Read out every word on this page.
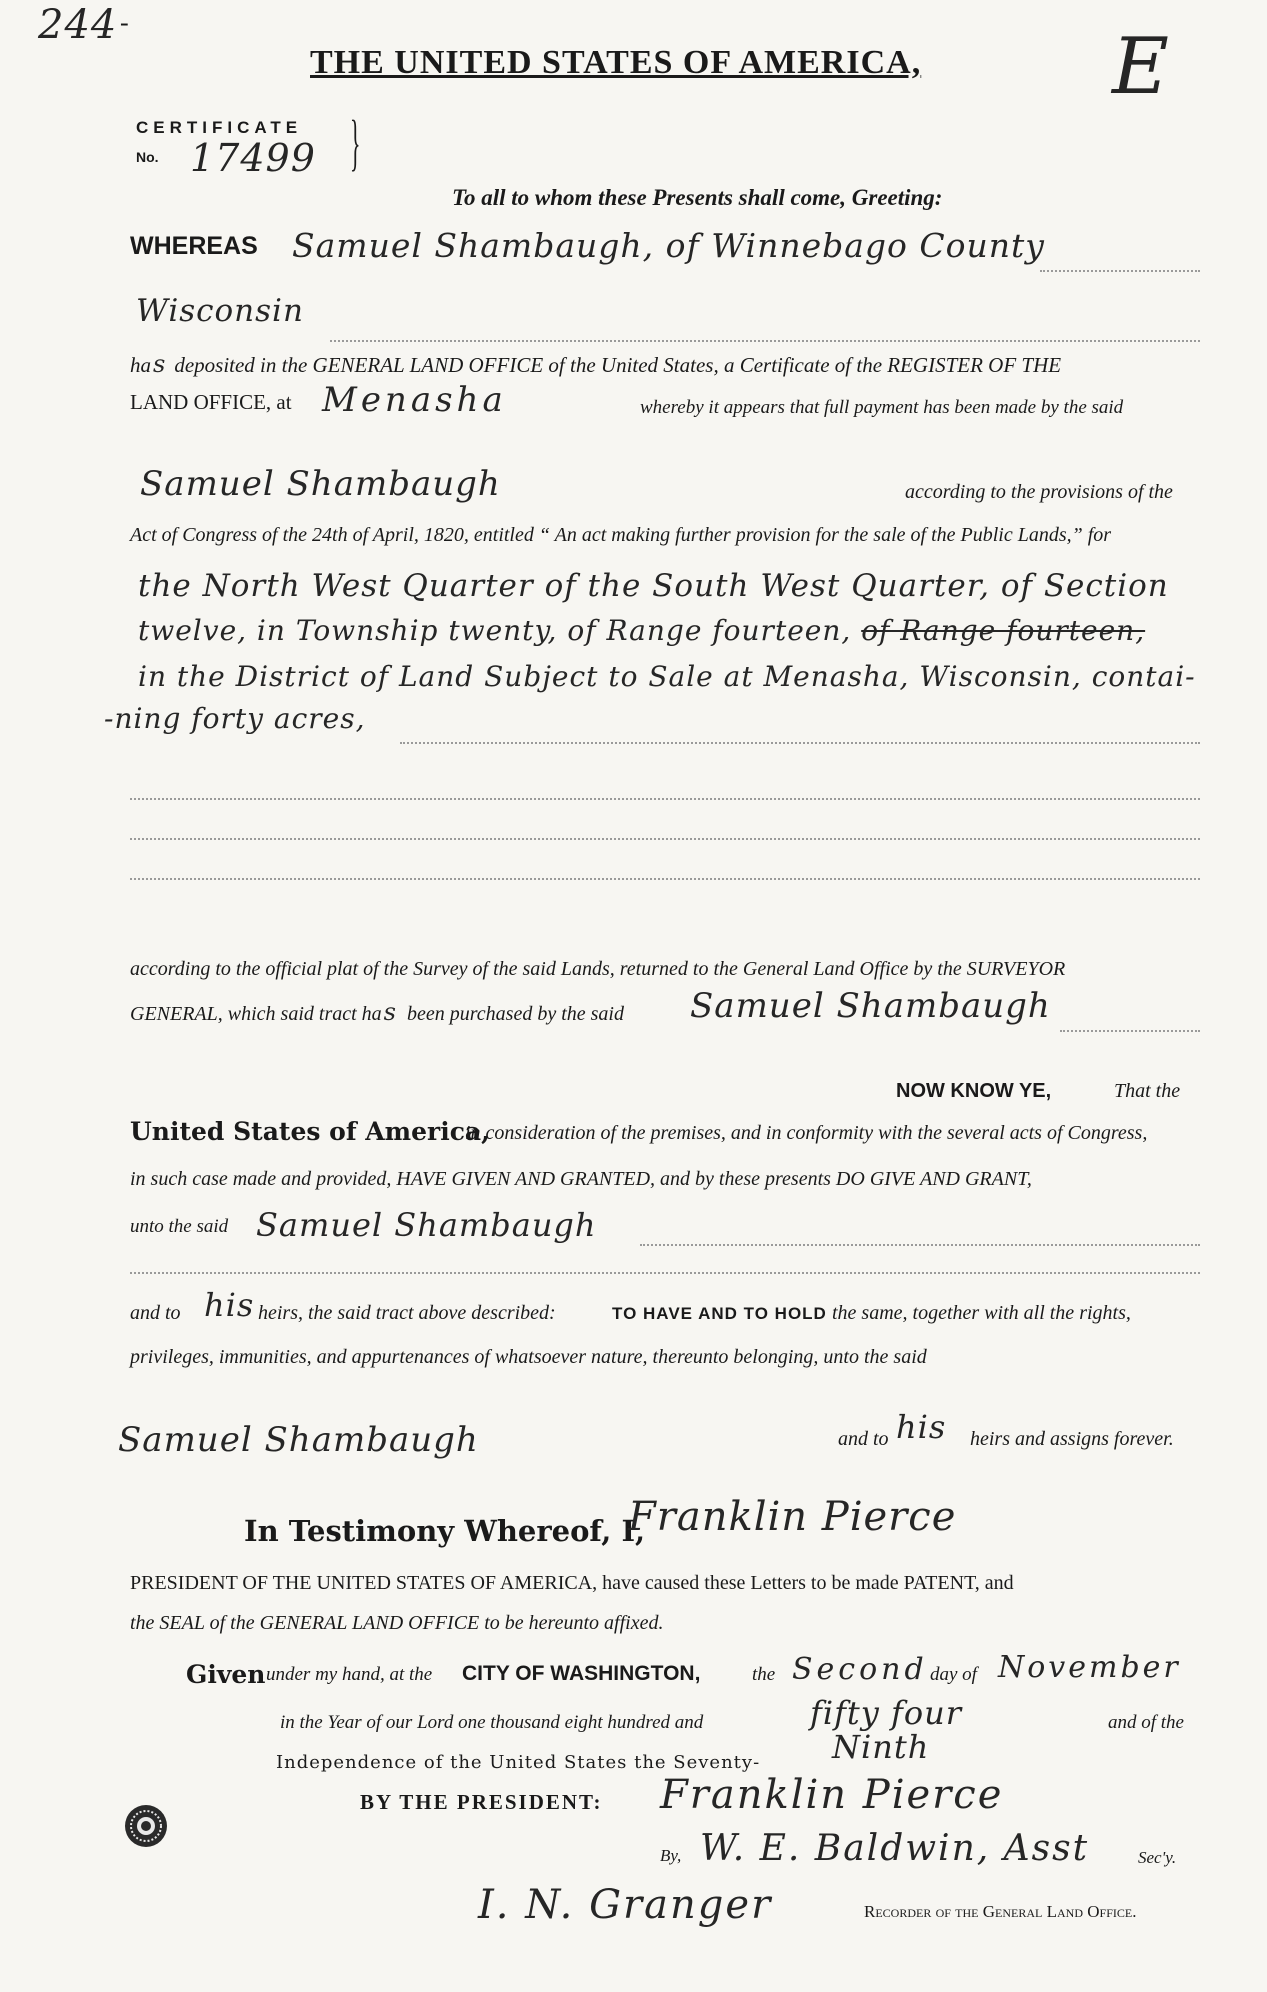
244 -	E
THE UNITED STATES OF AMERICA,
CERTIFICATE
No.	}
17499
To all to whom these Presents shall come, Greeting:
WHEREAS Samuel Shambaugh, of Winnebago County
Wisconsin
has deposited in the GENERAL LAND OFFICE of the United States, a Certificate of the REGISTER OF THE
LAND OFFICE, at Menasha	whereby it appears that full payment has been made by the said
Samuel Shambaugh	according to the provisions of the
Act of Congress of the 24th of April, 1820, entitled “ An act making further provision for the sale of the Public Lands,” for
the North West Quarter of the South West Quarter, of Section
twelve, in Township twenty, of Range fourteen, of Range fourteen,
in the District of Land Subject to Sale at Menasha, Wisconsin, contai-
-ning forty acres,
according to the official plat of the Survey of the said Lands, returned to the General Land Office by the SURVEYOR
GENERAL, which said tract has been purchased by the said Samuel Shambaugh
NOW KNOW YE,	That the
United States of America,
in consideration of the premises, and in conformity with the several acts of Congress,
in such case made and provided, HAVE GIVEN AND GRANTED, and by these presents DO GIVE AND GRANT,
unto the said Samuel Shambaugh
and to his heirs, the said tract above described:	TO HAVE AND TO HOLD the same, together with all the rights,
privileges, immunities, and appurtenances of whatsoever nature, thereunto belonging, unto the said
Samuel Shambaugh	and to his heirs and assigns forever.
In Testimony Whereof, I,
Franklin Pierce
PRESIDENT OF THE UNITED STATES OF AMERICA, have caused these Letters to be made PATENT, and
the SEAL of the GENERAL LAND OFFICE to be hereunto affixed.
Given under my hand, at the CITY OF WASHINGTON,	the Second day of November
in the Year of our Lord one thousand eight hundred and	fifty four	and of the
Independence of the United States the Seventy- Ninth
BY THE PRESIDENT: Franklin Pierce
By, W. E. Baldwin, Asst	Sec'y.
I. N. Granger	Recorder of the General Land Office.
